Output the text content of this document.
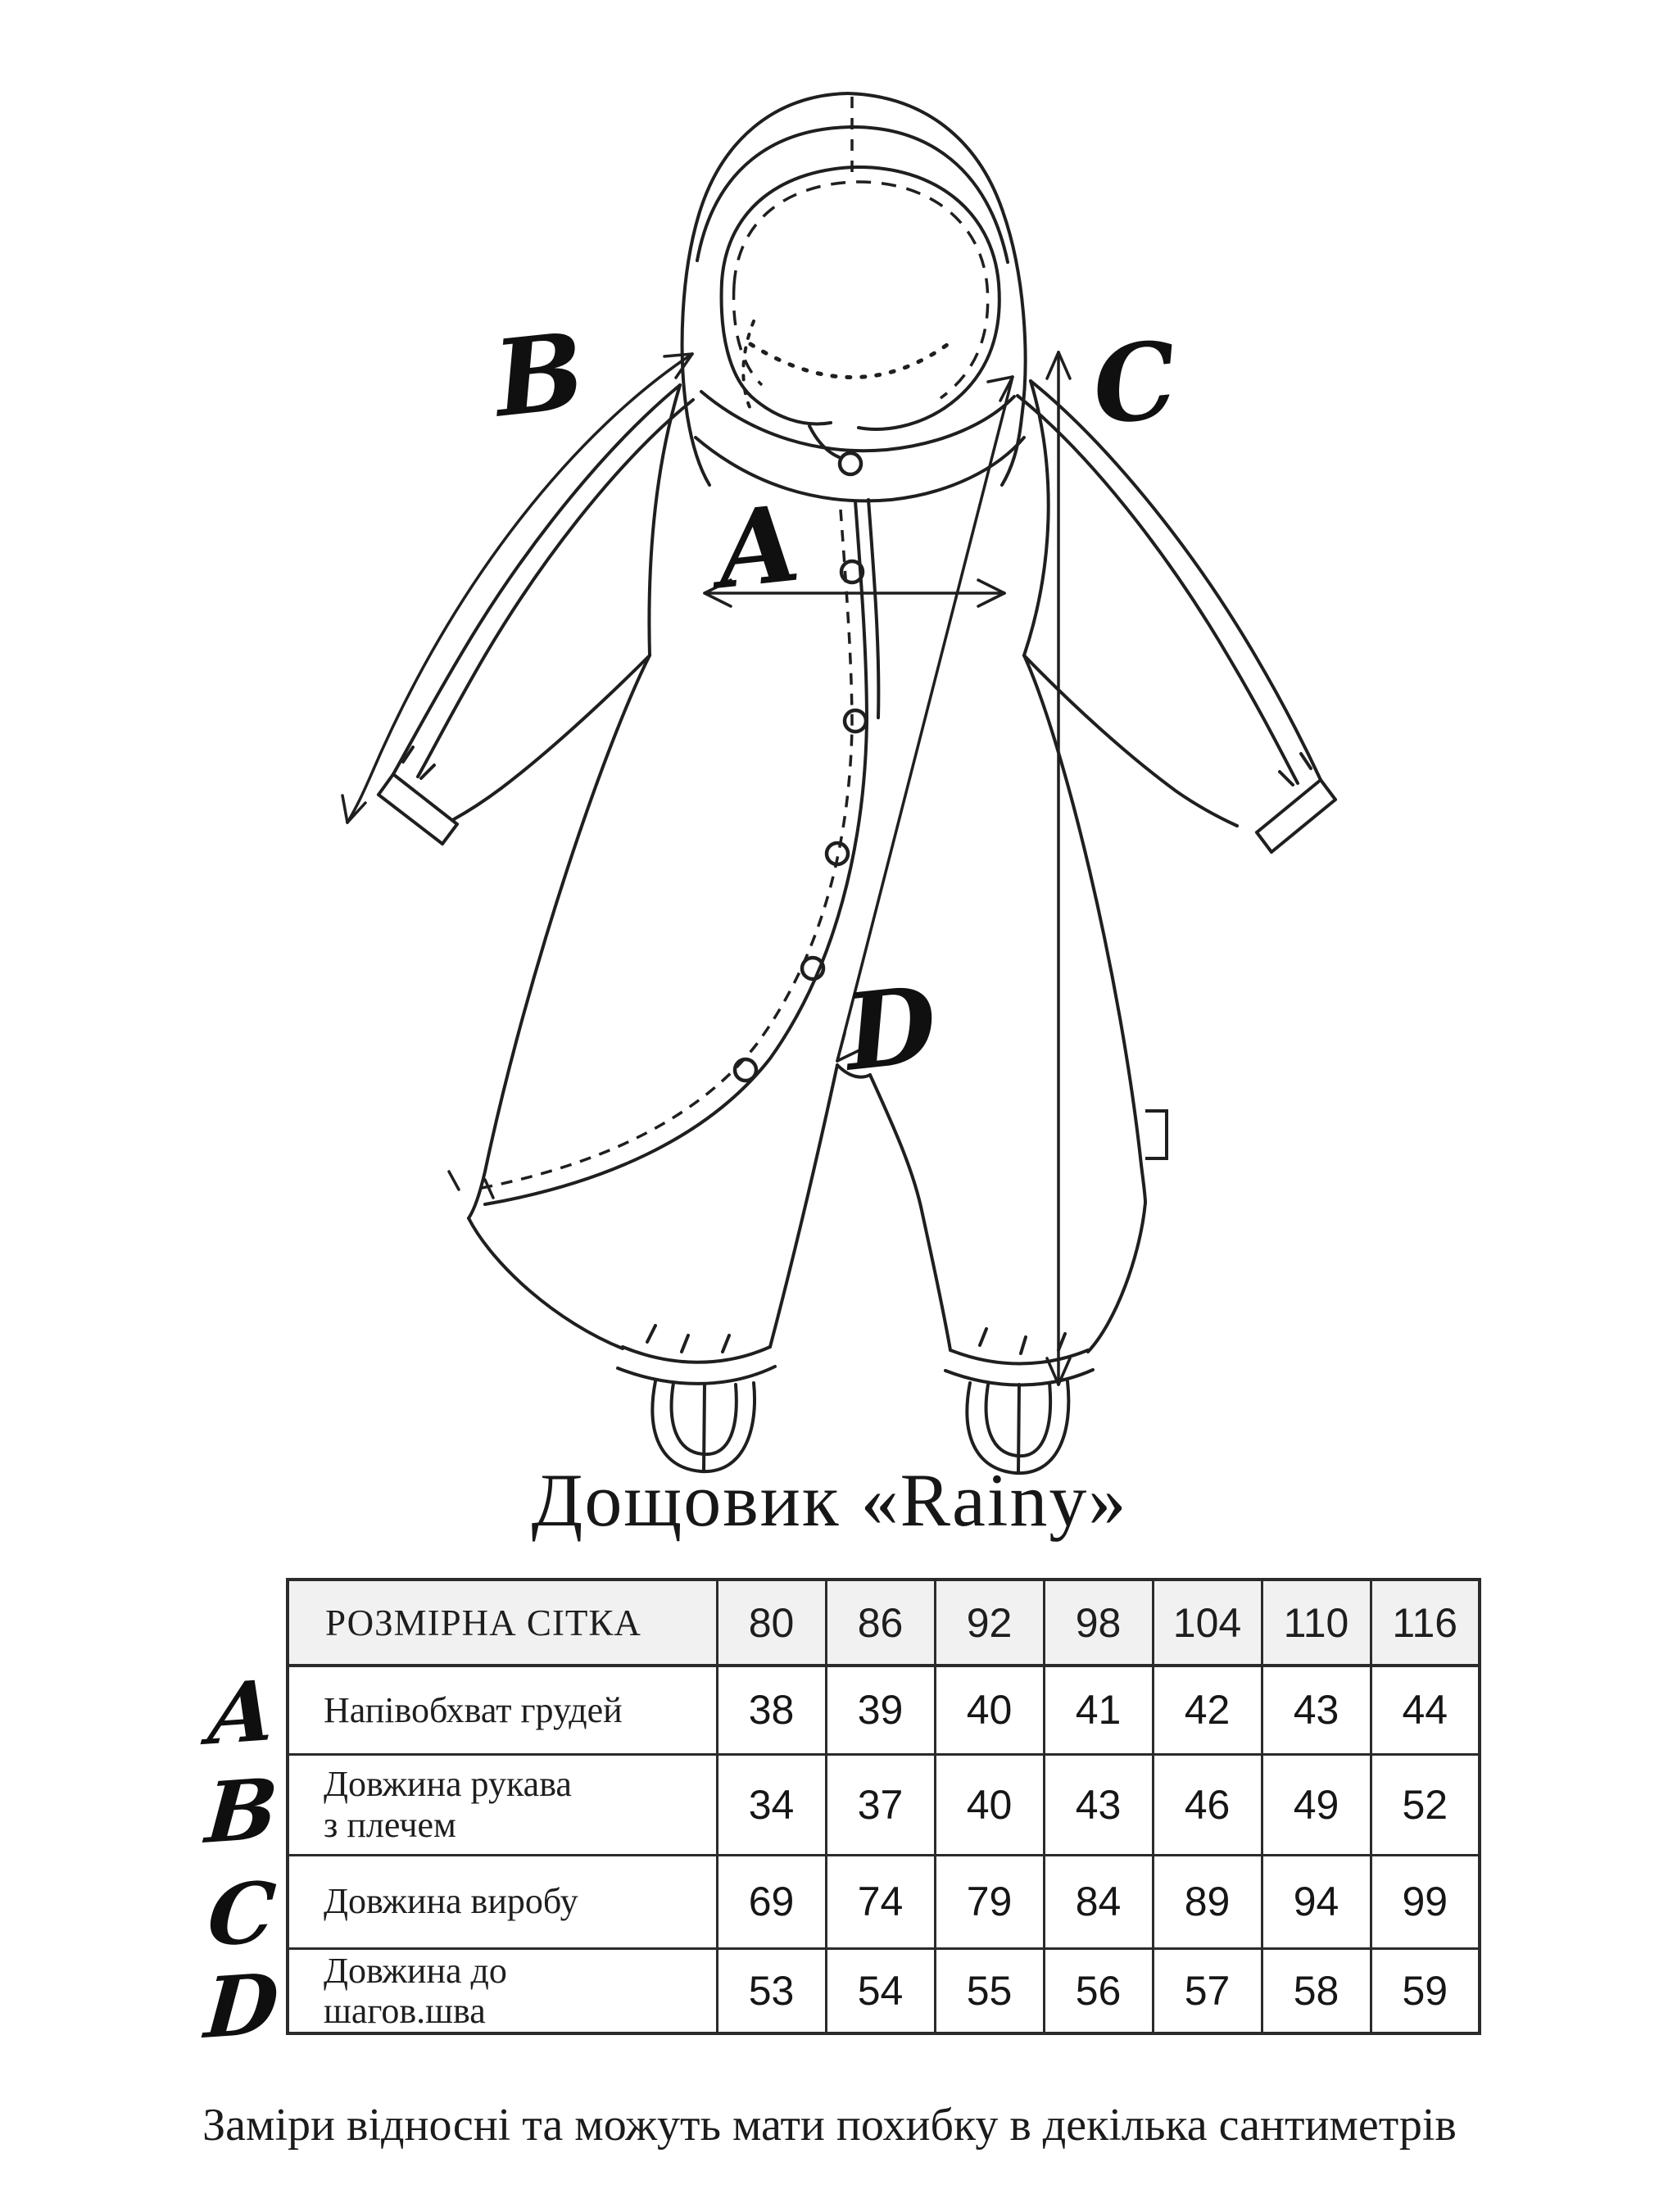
A
B	C
D
Дощовик «Rainy»
A
B
C
D
РОЗМІРНА СІТКА	80	86	92	98	104	110	116
Напівобхват грудей	38	39	40	41	42	43	44

Довжина рукава
з плечем	34	37	40	43	46	49	52
Довжина виробу	69	74	79	84	89	94	99

Довжина до
шагов.шва	53	54	55	56	57	58	59
Заміри відносні та можуть мати похибку в декілька сантиметрів
